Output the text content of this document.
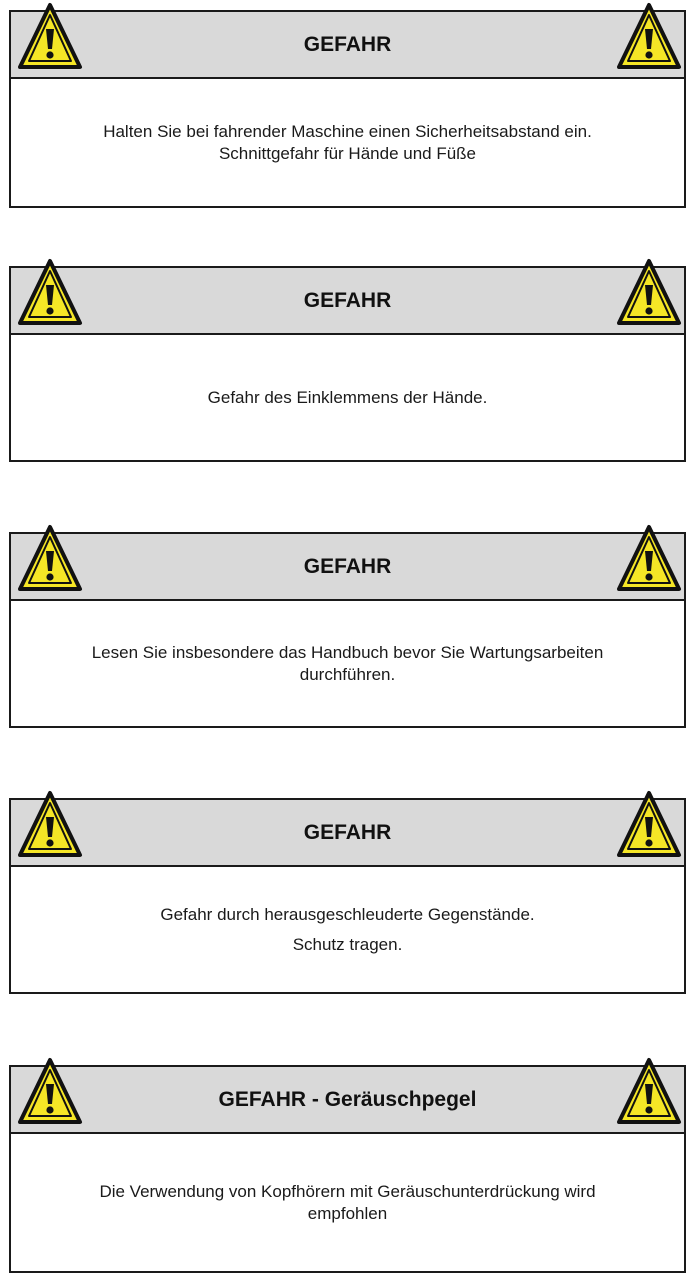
GEFAHR
Halten Sie bei fahrender Maschine einen Sicherheitsabstand ein.
Schnittgefahr für Hände und Füße
GEFAHR
Gefahr des Einklemmens der Hände.
GEFAHR
Lesen Sie insbesondere das Handbuch bevor Sie Wartungsarbeiten
durchführen.
GEFAHR
Gefahr durch herausgeschleuderte Gegenstände.
Schutz tragen.
GEFAHR - Geräuschpegel
Die Verwendung von Kopfhörern mit Geräuschunterdrückung wird
empfohlen
